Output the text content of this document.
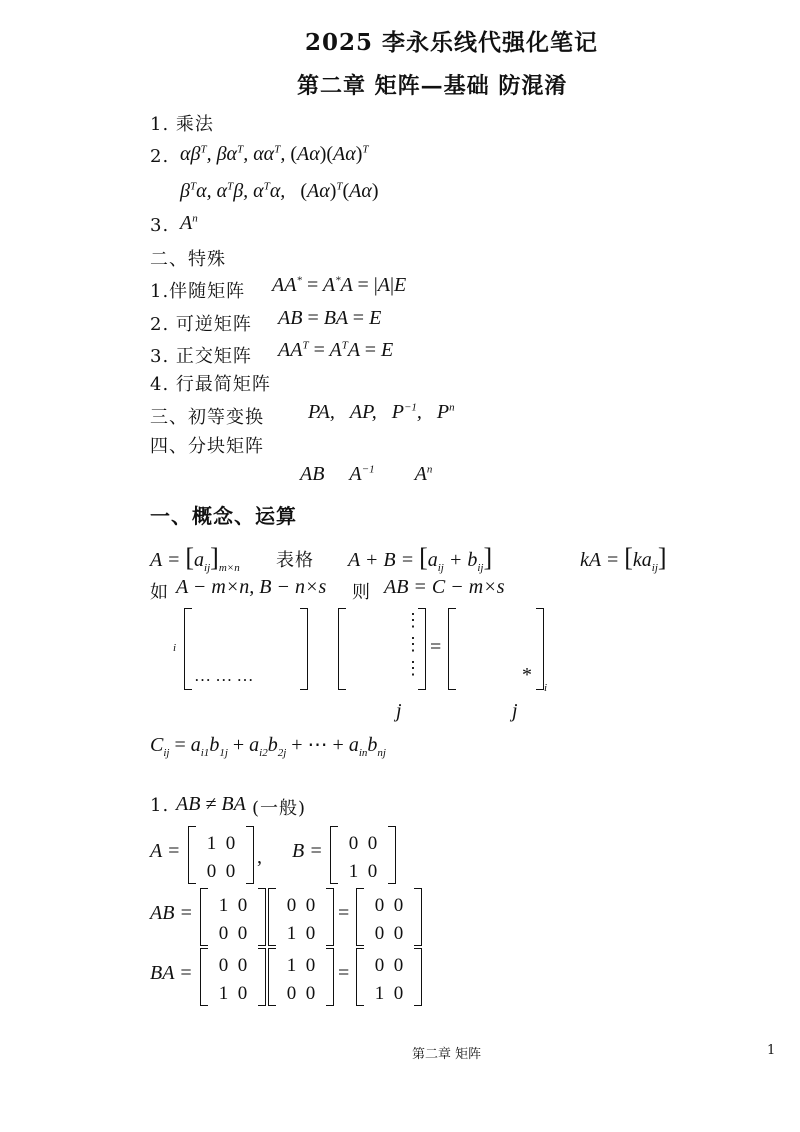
2025 李永乐线代强化笔记
第二章 矩阵—基础 防混淆
1. 乘法
2. $\alpha\beta^T$, $\beta\alpha^T$, $\alpha\alpha^T$, $(A\alpha)(A\alpha)^T$
$\beta^T\alpha$, $\alpha^T\beta$, $\alpha^T\alpha$,   $(A\alpha)^T(A\alpha)$
3. $A^n$
二、特殊
1.伴随矩阵 AA* = A*A = |A|E
2. 可逆矩阵 AB = BA = E
3. 正交矩阵 $AA^T = A^TA = E$
4. 行最简矩阵
三、初等变换 PA,   AP,   $P^{-1}$,   $P^n$
四、分块矩阵
AB     $A^{-1}$        $A^n$
一、概念、运算
$A = [a_{ij}]_{m\times n}$ 表格 $A + B = [a_{ij} + b_{ij}]$	kA = $[ka_{ij}]$
如 A − m×n, B − n×s 则 AB = C − m×s
i
… … …
⋮
⋮
⋮
=
*
i
j	j
$C_{ij} = a_{i1}b_{1j} + a_{i2}b_{2j}$ + ⋯ + $a_{in}b_{nj}$
1. AB ≠ BA (一般)
A = 1 0
0 0
, B = 0 0
1 0
AB = 1 0
0 0
0 0
1 0
= 0 0
0 0
BA = 0 0
1 0
1 0
0 0
= 0 0
1 0
第二章 矩阵	1
